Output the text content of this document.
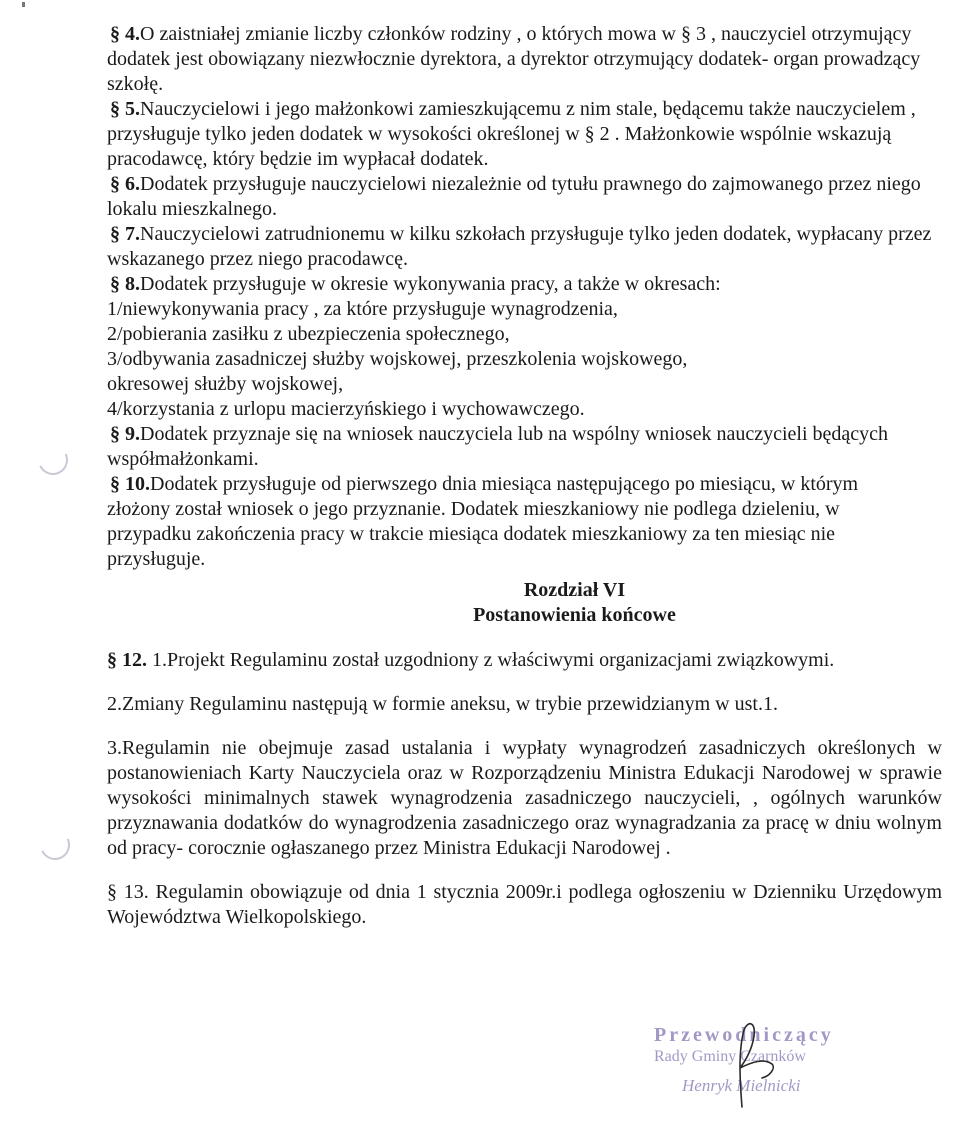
§ 4.O zaistniałej zmianie liczby członków rodziny , o których mowa w § 3 , nauczyciel otrzymujący dodatek jest obowiązany niezwłocznie dyrektora, a dyrektor otrzymujący dodatek- organ prowadzący szkołę.

§ 5.Nauczycielowi i jego małżonkowi zamieszkującemu z nim stale, będącemu także nauczycielem , przysługuje tylko jeden dodatek w wysokości określonej w § 2 . Małżonkowie wspólnie wskazują pracodawcę, który będzie im wypłacał dodatek.

§ 6.Dodatek przysługuje nauczycielowi niezależnie od tytułu prawnego do zajmowanego przez niego lokalu mieszkalnego.

§ 7.Nauczycielowi zatrudnionemu w kilku szkołach przysługuje tylko jeden dodatek, wypłacany przez wskazanego przez niego pracodawcę.

§ 8.Dodatek przysługuje w okresie wykonywania pracy, a także w okresach:

1/niewykonywania pracy , za które przysługuje wynagrodzenia,

2/pobierania zasiłku z ubezpieczenia społecznego,

3/odbywania zasadniczej służby wojskowej, przeszkolenia wojskowego, okresowej służby wojskowej,

4/korzystania z urlopu macierzyńskiego i wychowawczego.

§ 9.Dodatek przyznaje się na wniosek nauczyciela lub na wspólny wniosek nauczycieli będących współmałżonkami.

§ 10.Dodatek przysługuje od pierwszego dnia miesiąca następującego po miesiącu, w którym złożony został wniosek o jego przyznanie. Dodatek mieszkaniowy nie podlega dzieleniu, w przypadku zakończenia pracy w trakcie miesiąca dodatek mieszkaniowy za ten miesiąc nie przysługuje.

Rozdział VI
Postanowienia końcowe

§ 12. 1.Projekt Regulaminu został uzgodniony z właściwymi organizacjami związkowymi.

2.Zmiany Regulaminu następują w formie aneksu, w trybie przewidzianym w ust.1.

3.Regulamin nie obejmuje zasad ustalania i wypłaty wynagrodzeń zasadniczych określonych w postanowieniach Karty Nauczyciela oraz w Rozporządzeniu Ministra Edukacji Narodowej w sprawie wysokości minimalnych stawek wynagrodzenia zasadniczego nauczycieli, , ogólnych warunków przyznawania dodatków do wynagrodzenia zasadniczego oraz wynagradzania za pracę w dniu wolnym od pracy- corocznie ogłaszanego przez Ministra Edukacji Narodowej .

§ 13. Regulamin obowiązuje od dnia 1 stycznia 2009r.i podlega ogłoszeniu w Dzienniku Urzędowym Województwa Wielkopolskiego.

Przewodniczący
Rady Gminy Czarnków
Henryk Mielnicki
